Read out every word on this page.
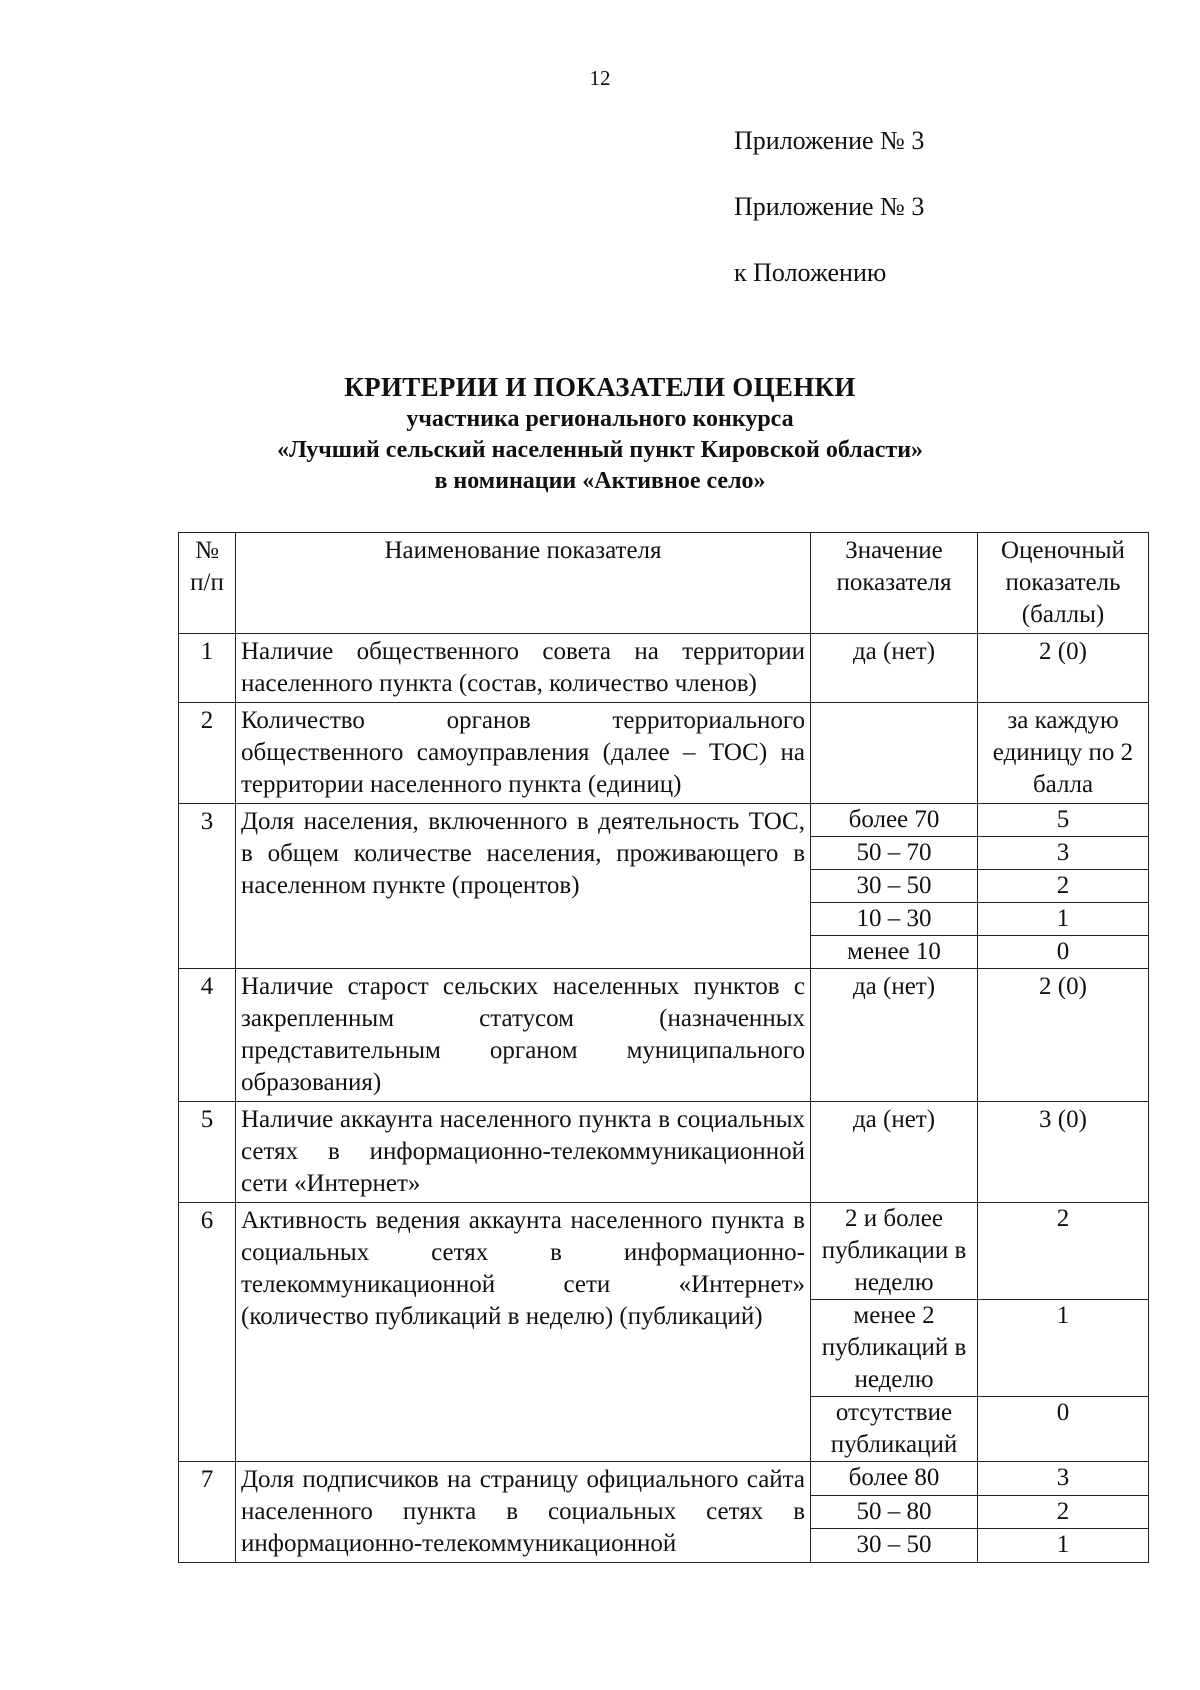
12
Приложение № 3
Приложение № 3
к Положению
КРИТЕРИИ И ПОКАЗАТЕЛИ ОЦЕНКИ
участника регионального конкурса
«Лучший сельский населенный пункт Кировской области»
в номинации «Активное село»
№ п/п	Наименование показателя	Значение показателя	Оценочный показатель (баллы)
1	Наличие общественного совета на территории населенного пункта (состав, количество членов)	да (нет)	2 (0)
2	Количество органов территориального общественного самоуправления (далее – ТОС) на территории населенного пункта (единиц)		за каждую единицу по 2 балла
3	Доля населения, включенного в деятельность ТОС, в общем количестве населения, проживающего в населенном пункте (процентов)	более 70	5
		50 – 70	3
		30 – 50	2
		10 – 30	1
		менее 10	0
4	Наличие старост сельских населенных пунктов с закрепленным статусом (назначенных представительным органом муниципального образования)	да (нет)	2 (0)
5	Наличие аккаунта населенного пункта в социальных сетях в информационно-телекоммуникационной сети «Интернет»	да (нет)	3 (0)
6	Активность ведения аккаунта населенного пункта в социальных сетях в информационно-телекоммуникационной сети «Интернет» (количество публикаций в неделю) (публикаций)	2 и более публикации в неделю	2
		менее 2 публикаций в неделю	1
		отсутствие публикаций	0
7	Доля подписчиков на страницу официального сайта населенного пункта в социальных сетях в информационно-телекоммуникационной	более 80	3
		50 – 80	2
		30 – 50	1
